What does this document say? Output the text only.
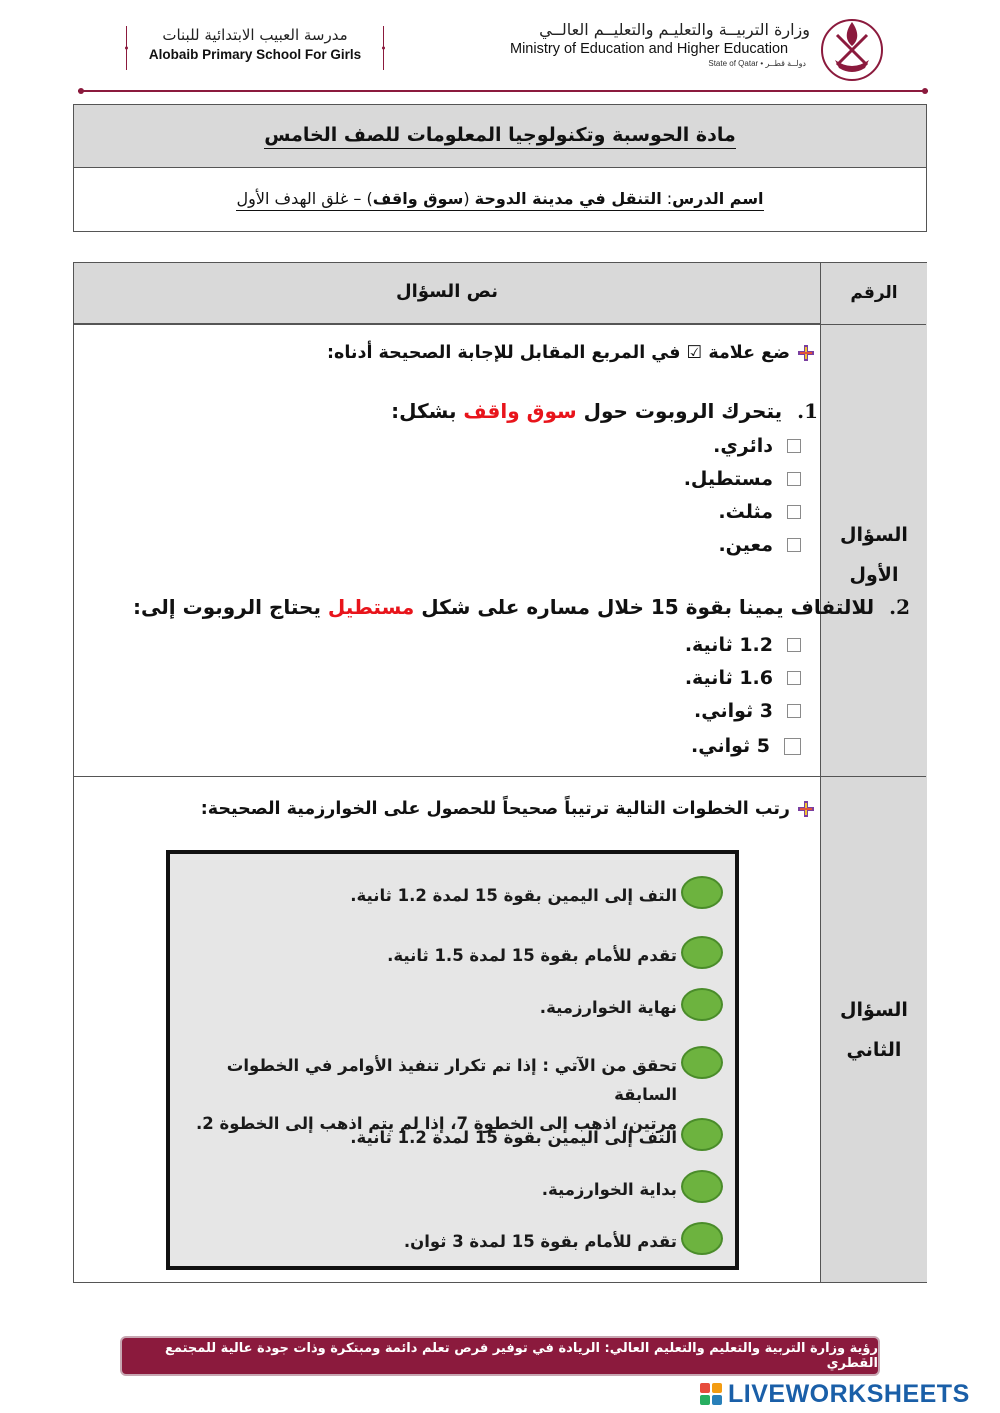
وزارة التربيــة والتعليـم والتعليــم العالــي
Ministry of Education and Higher Education
State of Qatar • دولــة قطــر
مدرسة العبيب الابتدائية للبنات
Alobaib Primary School For Girls
مادة الحوسبة وتكنولوجيا المعلومات للصف الخامس
اسم الدرس: التنقل في مدينة الدوحة (سوق واقف) – غلق الهدف الأول
نص السؤال	الرقم
السؤال
الأول
السؤال
الثاني
ضع علامة ☑ في المربع المقابل للإجابة الصحيحة أدناه:
1. يتحرك الروبوت حول سوق واقف بشكل:
دائري.
مستطيل.
مثلث.
معين.
2. للالتفاف يمينا بقوة 15 خلال مساره على شكل مستطيل يحتاج الروبوت إلى:
1.2 ثانية.
1.6 ثانية.
3 ثواني.
5 ثواني.
رتب الخطوات التالية ترتيباً صحيحاً للحصول على الخوارزمية الصحيحة:
التف إلى اليمين بقوة 15 لمدة 1.2 ثانية.
تقدم للأمام بقوة 15 لمدة 1.5 ثانية.
نهاية الخوارزمية.
تحقق من الآتي : إذا تم تكرار تنفيذ الأوامر في الخطوات السابقة
مرتين، اذهب إلى الخطوة 7، إذا لم يتم اذهب إلى الخطوة 2.
التف إلى اليمين بقوة 15 لمدة 1.2 ثانية.
بداية الخوارزمية.
تقدم للأمام بقوة 15 لمدة 3 ثوان.
رؤية وزارة التربية والتعليم والتعليم العالي: الريادة في توفير فرص تعلم دائمة ومبتكرة وذات جودة عالية للمجتمع القطري
LIVEWORKSHEETS
